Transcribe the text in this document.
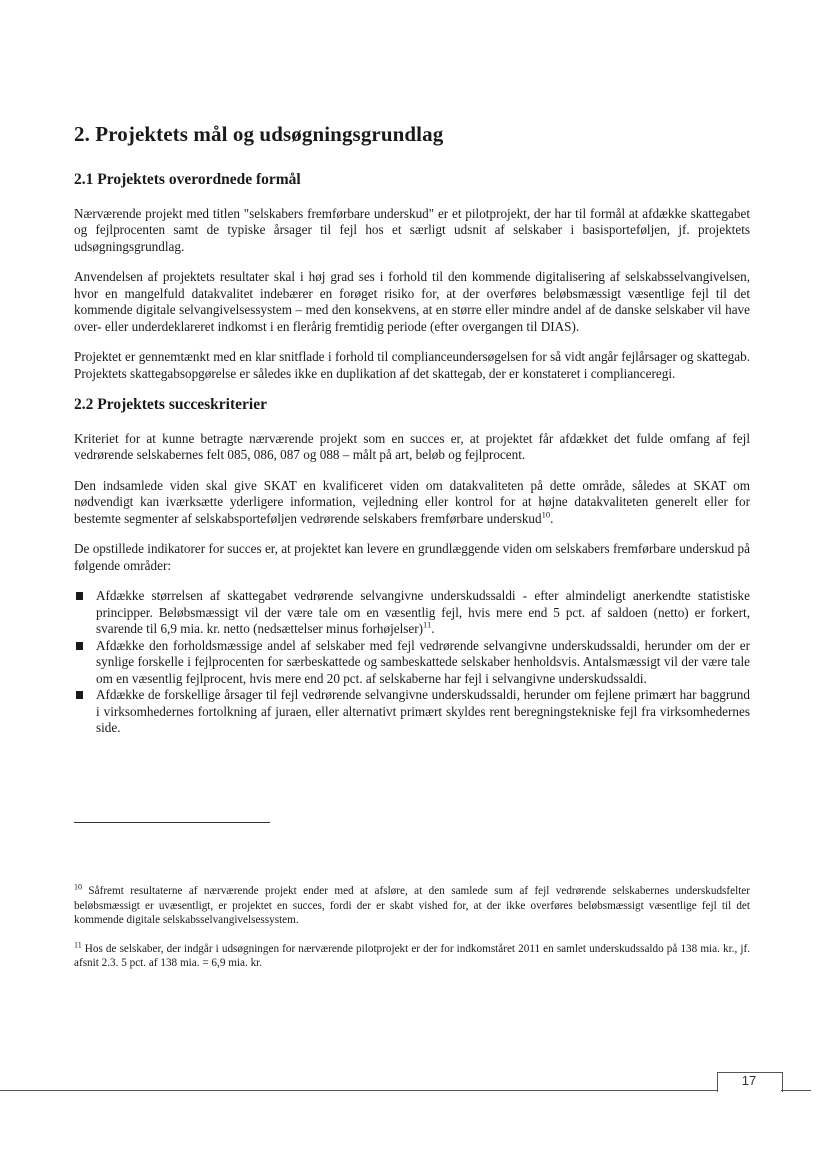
2. Projektets mål og udsøgningsgrundlag
2.1 Projektets overordnede formål

Nærværende projekt med titlen "selskabers fremførbare underskud" er et pilotprojekt, der har til formål at afdække skattegabet og fejlprocenten samt de typiske årsager til fejl hos et særligt udsnit af selskaber i basisporteføljen, jf. projektets udsøgningsgrundlag.

Anvendelsen af projektets resultater skal i høj grad ses i forhold til den kommende digitalisering af selskabsselvangivelsen, hvor en mangelfuld datakvalitet indebærer en forøget risiko for, at der overføres beløbsmæssigt væsentlige fejl til det kommende digitale selvangivelsessystem – med den konsekvens, at en større eller mindre andel af de danske selskaber vil have over- eller underdeklareret indkomst i en flerårig fremtidig periode (efter overgangen til DIAS).

Projektet er gennemtænkt med en klar snitflade i forhold til complianceundersøgelsen for så vidt angår fejlårsager og skattegab. Projektets skattegabsopgørelse er således ikke en duplikation af det skattegab, der er konstateret i complianceregi.

2.2 Projektets succeskriterier

Kriteriet for at kunne betragte nærværende projekt som en succes er, at projektet får afdækket det fulde omfang af fejl vedrørende selskabernes felt 085, 086, 087 og 088 – målt på art, beløb og fejlprocent.

Den indsamlede viden skal give SKAT en kvalificeret viden om datakvaliteten på dette område, således at SKAT om nødvendigt kan iværksætte yderligere information, vejledning eller kontrol for at højne datakvaliteten generelt eller for bestemte segmenter af selskabsporteføljen vedrørende selskabers fremførbare underskud$^{10}$.

De opstillede indikatorer for succes er, at projektet kan levere en grundlæggende viden om selskabers fremførbare underskud på følgende områder:

Afdække størrelsen af skattegabet vedrørende selvangivne underskudssaldi - efter almindeligt anerkendte statistiske principper. Beløbsmæssigt vil der være tale om en væsentlig fejl, hvis mere end 5 pct. af saldoen (netto) er forkert, svarende til 6,9 mia. kr. netto (nedsættelser minus forhøjelser)$^{11}$.
Afdække den forholdsmæssige andel af selskaber med fejl vedrørende selvangivne underskudssaldi, herunder om der er synlige forskelle i fejlprocenten for særbeskattede og sambeskattede selskaber henholdsvis. Antalsmæssigt vil der være tale om en væsentlig fejlprocent, hvis mere end 20 pct. af selskaberne har fejl i selvangivne underskudssaldi.
Afdække de forskellige årsager til fejl vedrørende selvangivne underskudssaldi, herunder om fejlene primært har baggrund i virksomhedernes fortolkning af juraen, eller alternativt primært skyldes rent beregningstekniske fejl fra virksomhedernes side.

$^{10}$ Såfremt resultaterne af nærværende projekt ender med at afsløre, at den samlede sum af fejl vedrørende selskabernes underskudsfelter beløbsmæssigt er uvæsentligt, er projektet en succes, fordi der er skabt vished for, at der ikke overføres beløbsmæssigt væsentlige fejl til det kommende digitale selskabsselvangivelsessystem.

$^{11}$ Hos de selskaber, der indgår i udsøgningen for nærværende pilotprojekt er der for indkomståret 2011 en samlet underskudssaldo på 138 mia. kr., jf. afsnit 2.3. 5 pct. af 138 mia. = 6,9 mia. kr.

17
